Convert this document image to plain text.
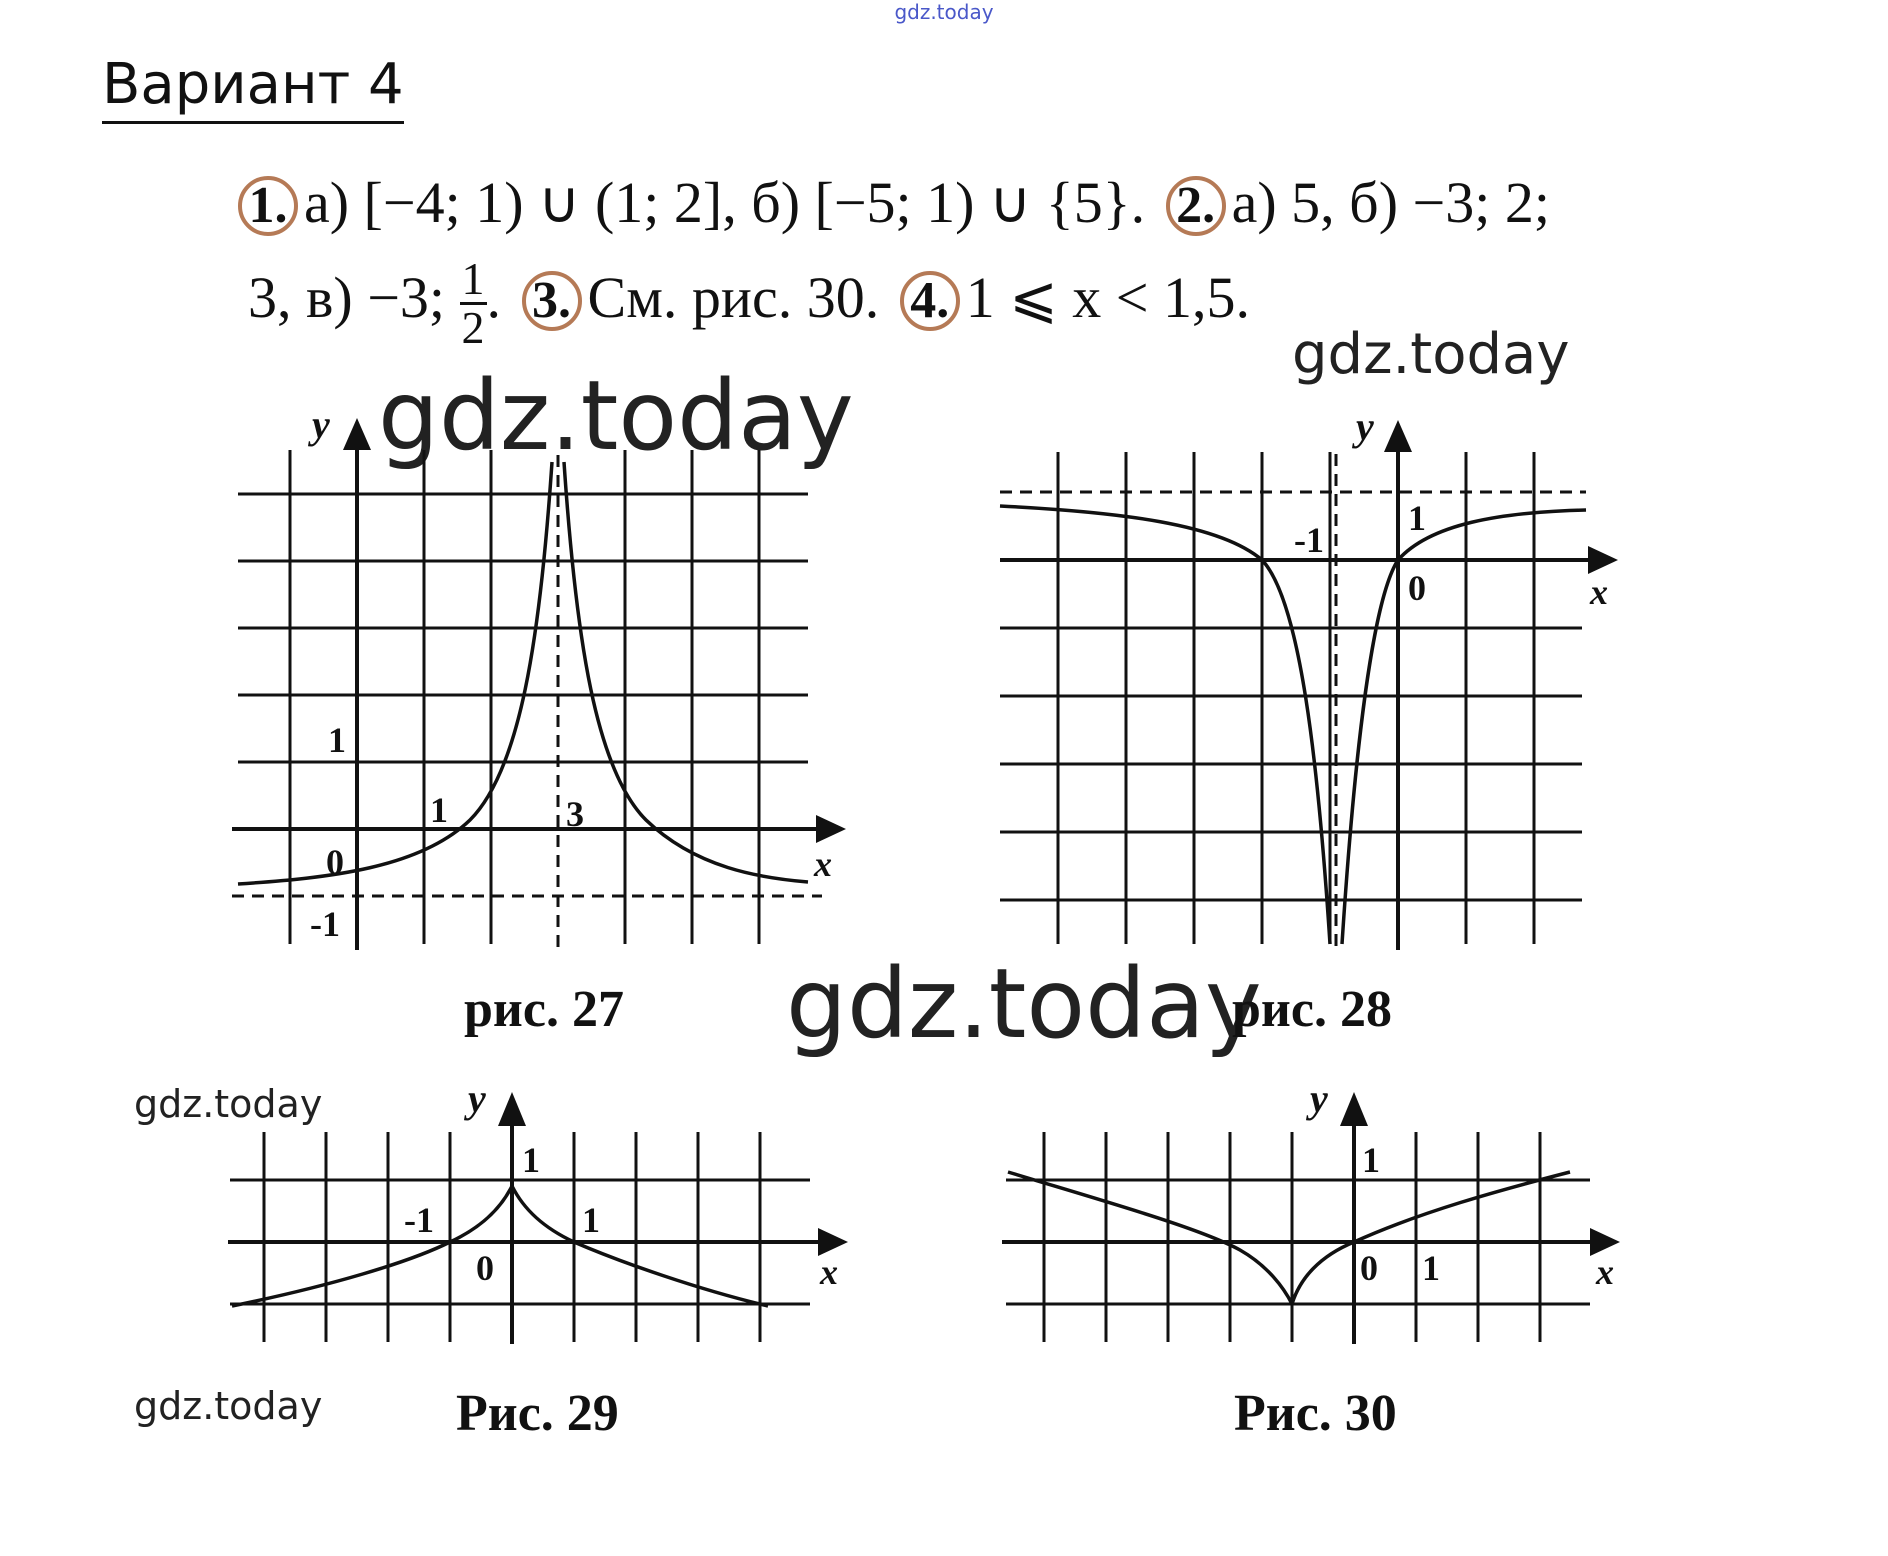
gdz.today
Вариант 4
1. а) [−4; 1) ∪ (1; 2], б) [−5; 1) ∪ {5}. 2. а) 5, б) −3; 2;
3, в) −3; $\frac{1}{2}$ . 3. См. рис. 30. 4. 1 ⩽ x < 1,5.
gdz.today
gdz.today
gdz.today
gdz.today
gdz.today
y
x
1
1
0
3
-1
y
x
-1
1
0
y
x
-1
1
1
0
y
x
1
0 1
рис. 27	рис. 28
Рис. 29	Рис. 30
